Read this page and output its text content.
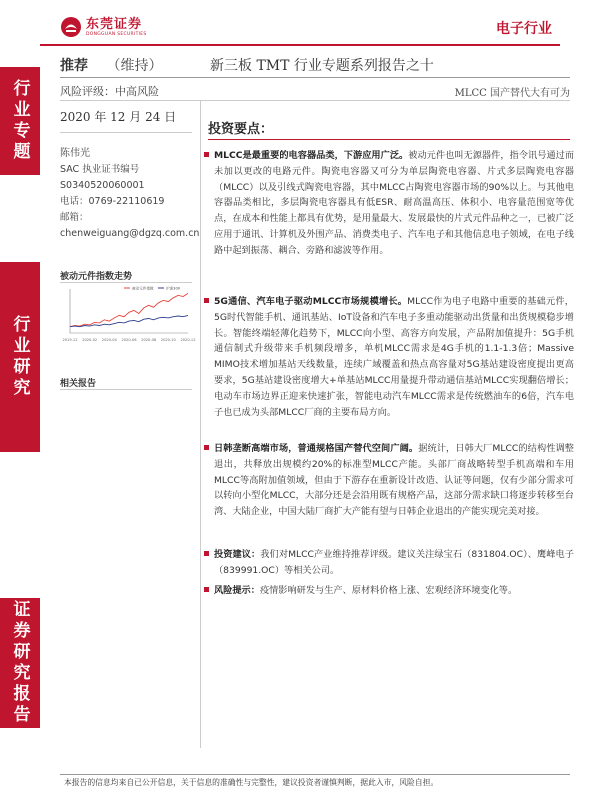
行业专题
行业研究
证券研究报告
东莞证券
DONGGUAN SECURITIES	电子行业
推荐 （维持）	新三板 TMT 行业专题系列报告之十
风险评级：中高风险	MLCC 国产替代大有可为
2020 年 12 月 24 日
陈伟光
SAC 执业证书编号
S0340520060001
电话：0769-22110619
邮箱：
chenweiguang@dgzq.com.cn
被动元件指数走势
2019-12 2020-02 2020-04 2020-06 2020-08 2020-10 2020-12
被动元件指数	沪深300
相关报告
投资要点：
MLCC是最重要的电容器品类，下游应用广泛。被动元件也叫无源器件，指令讯号通过而未加以更改的电路元件。陶瓷电容器又可分为单层陶瓷电容器、片式多层陶瓷电容器（MLCC）以及引线式陶瓷电容器，其中MLCC占陶瓷电容器市场的90%以上。与其他电容器品类相比，多层陶瓷电容器具有低ESR、耐高温高压、体积小、电容量范围宽等优点，在成本和性能上都具有优势，是用量最大、发展最快的片式元件品种之一，已被广泛应用于通讯、计算机及外围产品、消费类电子、汽车电子和其他信息电子领域，在电子线路中起到振荡、耦合、旁路和滤波等作用。
5G通信、汽车电子驱动MLCC市场规模增长。MLCC作为电子电路中重要的基础元件，5G时代智能手机、通讯基站、IoT设备和汽车电子多重动能驱动出货量和出货规模稳步增长。智能终端轻薄化趋势下，MLCC向小型、高容方向发展，产品附加值提升：5G手机通信制式升级带来手机频段增多，单机MLCC需求是4G手机的1.1-1.3倍；Massive MIMO技术增加基站天线数量，连续广域覆盖和热点高容量对5G基站建设密度提出更高要求，5G基站建设密度增大+单基站MLCC用量提升带动通信基站MLCC实现翻倍增长；电动车市场边界正迎来快速扩张，智能电动汽车MLCC需求是传统燃油车的6倍，汽车电子也已成为头部MLCC厂商的主要布局方向。
日韩垄断高端市场，普通规格国产替代空间广阔。据统计，日韩大厂MLCC的结构性调整退出，共释放出规模约20%的标准型MLCC产能。头部厂商战略转型手机高端和车用MLCC等高附加值领域，但由于下游存在重新设计改造、认证等问题，仅有少部分需求可以转向小型化MLCC，大部分还是会沿用既有规格产品，这部分需求缺口将逐步转移至台湾、大陆企业，中国大陆厂商扩大产能有望与日韩企业退出的产能实现完美对接。
投资建议：我们对MLCC产业维持推荐评级。建议关注绿宝石（831804.OC）、鹰峰电子（839991.OC）等相关公司。
风险提示：疫情影响研发与生产、原材料价格上涨、宏观经济环境变化等。
本报告的信息均来自已公开信息，关于信息的准确性与完整性，建议投资者谨慎判断，据此入市，风险自担。
